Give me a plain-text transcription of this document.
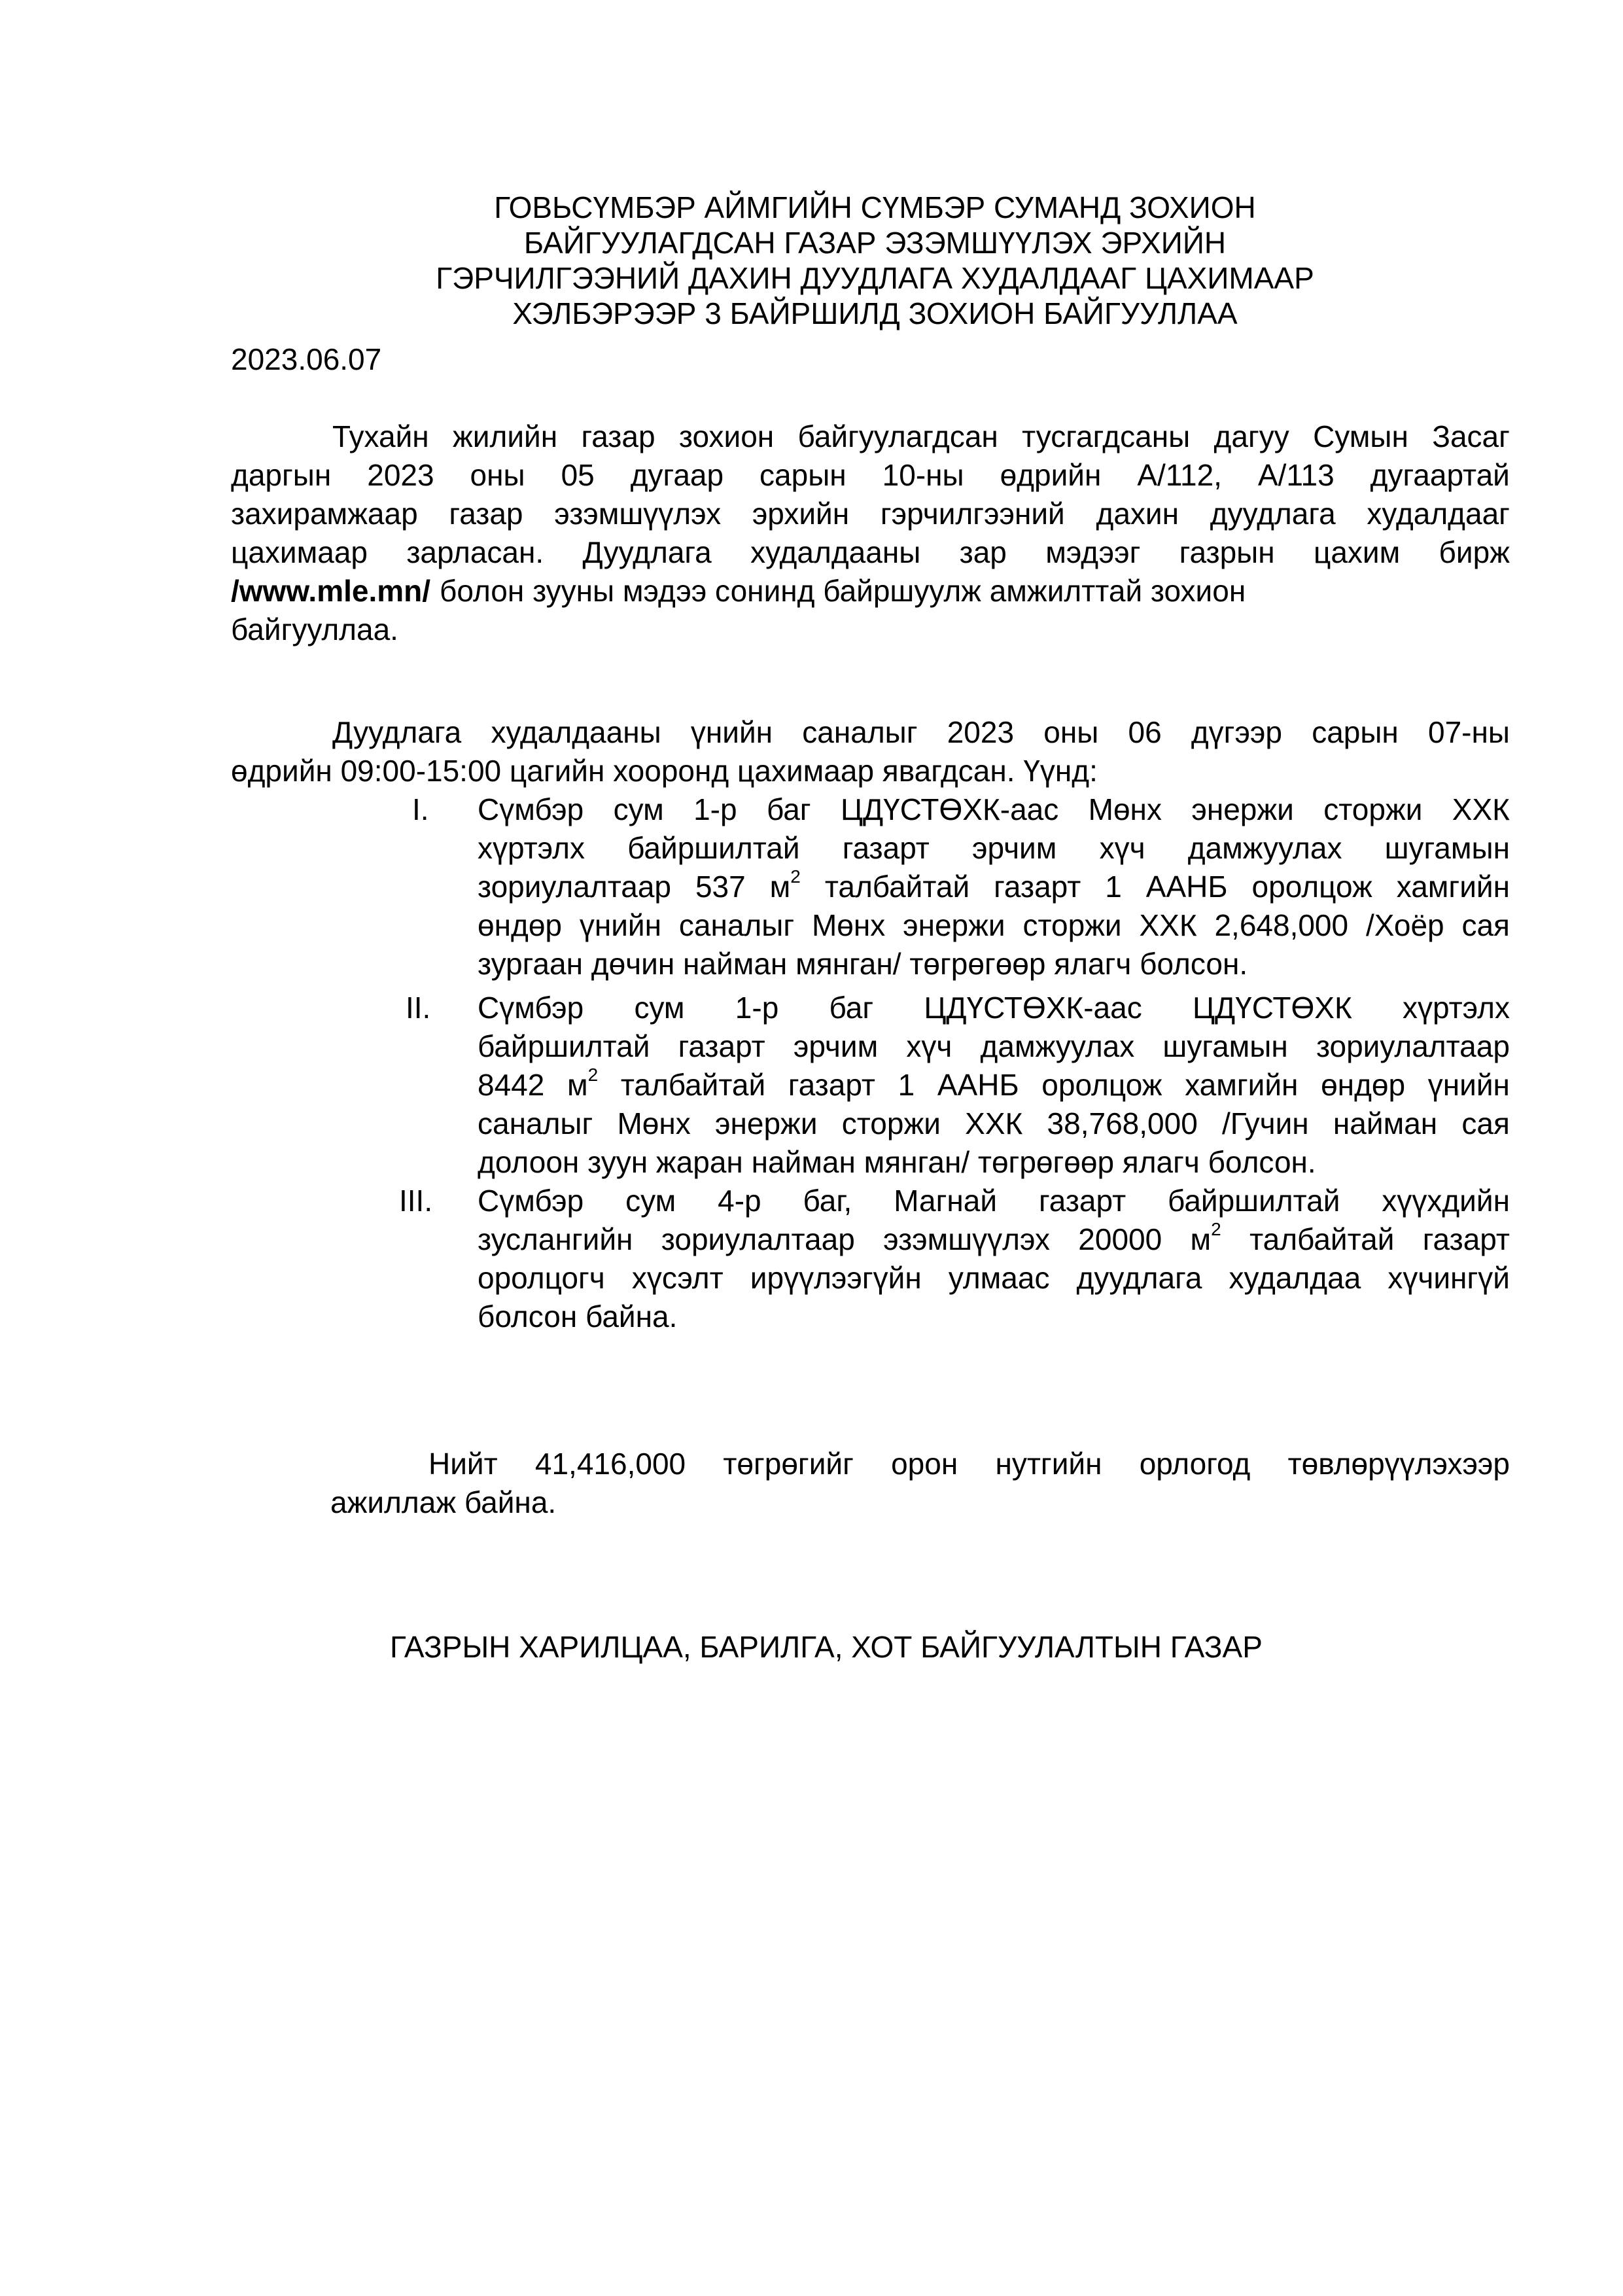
ГОВЬСҮМБЭР АЙМГИЙН СҮМБЭР СУМАНД ЗОХИОН
БАЙГУУЛАГДСАН ГАЗАР ЭЗЭМШҮҮЛЭХ ЭРХИЙН
ГЭРЧИЛГЭЭНИЙ ДАХИН ДУУДЛАГА ХУДАЛДААГ ЦАХИМААР
ХЭЛБЭРЭЭР 3 БАЙРШИЛД ЗОХИОН БАЙГУУЛЛАА
2023.06.07
Тухайн жилийн газар зохион байгуулагдсан тусгагдсаны дагуу Сумын Засаг
даргын 2023 оны 05 дугаар сарын 10-ны өдрийн А/112, А/113 дугаартай
захирамжаар газар эзэмшүүлэх эрхийн гэрчилгээний дахин дуудлага худалдааг
цахимаар зарласан. Дуудлага худалдааны зар мэдээг газрын цахим бирж
/www.mle.mn/ болон зууны мэдээ сонинд байршуулж амжилттай зохион
байгууллаа.
Дуудлага худалдааны үнийн саналыг 2023 оны 06 дүгээр сарын 07-ны
өдрийн 09:00-15:00 цагийн хооронд цахимаар явагдсан. Үүнд:
I.	Сүмбэр сум 1-р баг ЦДҮСТӨХК-аас Мөнх энержи сторжи ХХК
хүртэлх байршилтай газарт эрчим хүч дамжуулах шугамын
зориулалтаар 537 $м^2$ талбайтай газарт 1 ААНБ оролцож хамгийн
өндөр үнийн саналыг Мөнх энержи сторжи ХХК 2,648,000 /Хоёр сая
зургаан дөчин найман мянган/ төгрөгөөр ялагч болсон.
II.	Сүмбэр сум 1-р баг ЦДҮСТӨХК-аас ЦДҮСТӨХК хүртэлх
байршилтай газарт эрчим хүч дамжуулах шугамын зориулалтаар
8442 $м^2$ талбайтай газарт 1 ААНБ оролцож хамгийн өндөр үнийн
саналыг Мөнх энержи сторжи ХХК 38,768,000 /Гучин найман сая
долоон зуун жаран найман мянган/ төгрөгөөр ялагч болсон.
III.	Сүмбэр сум 4-р баг, Магнай газарт байршилтай хүүхдийн
зуслангийн зориулалтаар эзэмшүүлэх 20000 $м^2$ талбайтай газарт
оролцогч хүсэлт ирүүлээгүйн улмаас дуудлага худалдаа хүчингүй
болсон байна.
Нийт 41,416,000 төгрөгийг орон нутгийн орлогод төвлөрүүлэхээр
ажиллаж байна.
ГАЗРЫН ХАРИЛЦАА, БАРИЛГА, ХОТ БАЙГУУЛАЛТЫН ГАЗАР
